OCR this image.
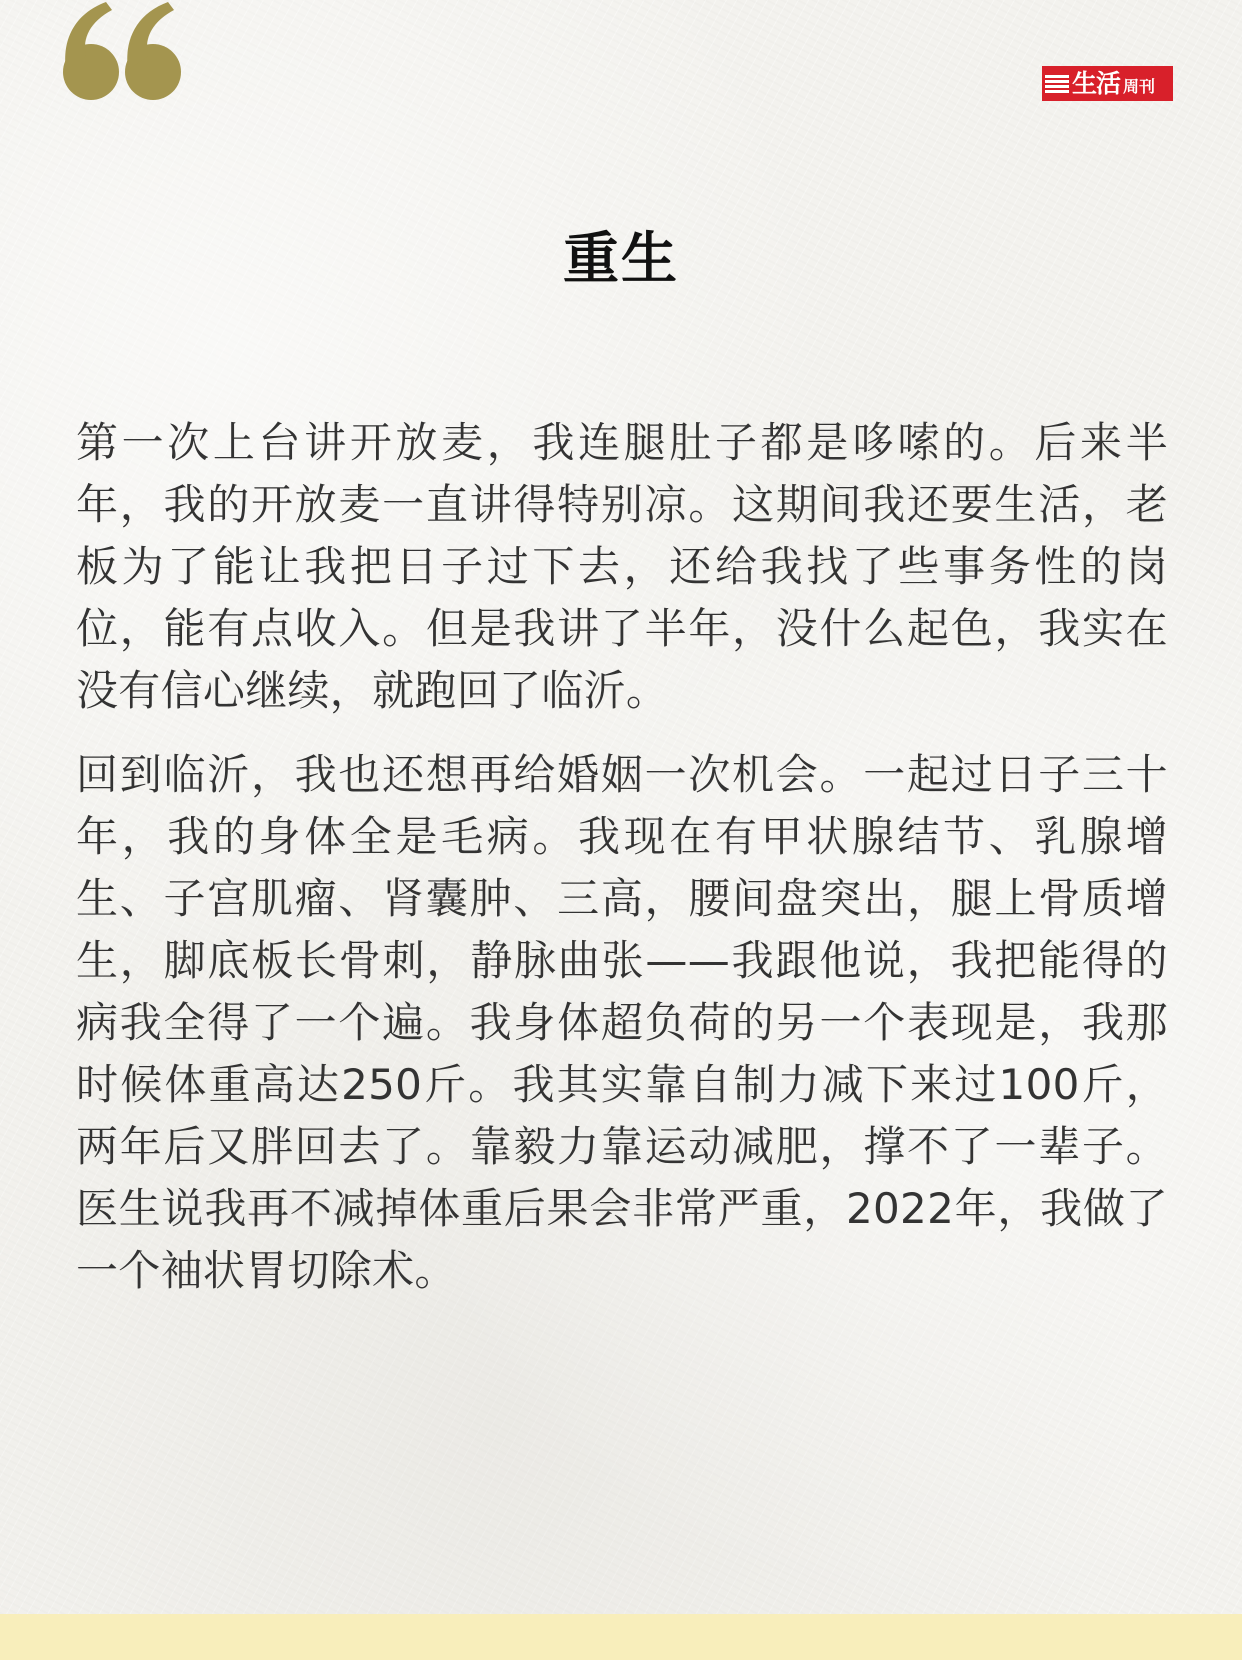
生活 周刊
重生

第一次上台讲开放麦，我连腿肚子都是哆嗦的。后来半年，我的开放麦一直讲得特别凉。这期间我还要生活，老板为了能让我把日子过下去，还给我找了些事务性的岗位，能有点收入。但是我讲了半年，没什么起色，我实在没有信心继续，就跑回了临沂。

回到临沂，我也还想再给婚姻一次机会。一起过日子三十年，我的身体全是毛病。我现在有甲状腺结节、乳腺增生、子宫肌瘤、肾囊肿、三高，腰间盘突出，腿上骨质增生，脚底板长骨刺，静脉曲张——我跟他说，我把能得的病我全得了一个遍。我身体超负荷的另一个表现是，我那时候体重高达250斤。我其实靠自制力减下来过100斤，两年后又胖回去了。靠毅力靠运动减肥，撑不了一辈子。医生说我再不减掉体重后果会非常严重，2022年，我做了一个袖状胃切除术。
